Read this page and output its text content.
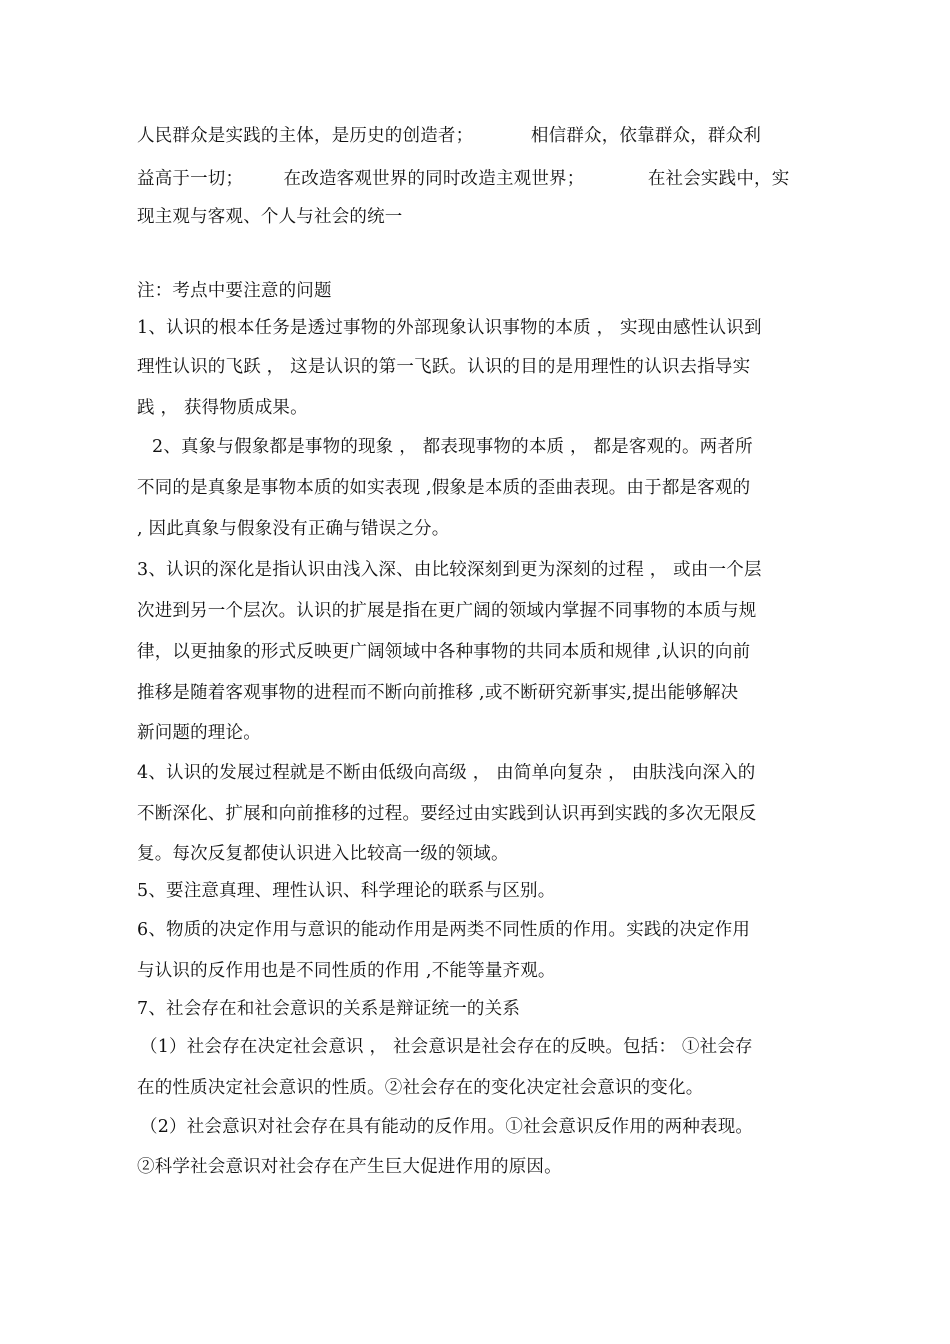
人民群众是实践的主体，是历史的创造者；          相信群众，依靠群众，群众利
益高于一切；       在改造客观世界的同时改造主观世界；           在社会实践中，实
现主观与客观、个人与社会的统一
注：考点中要注意的问题
1、认识的根本任务是透过事物的外部现象认识事物的本质 ， 实现由感性认识到
理性认识的飞跃 ， 这是认识的第一飞跃。认识的目的是用理性的认识去指导实
践 ， 获得物质成果。
2、真象与假象都是事物的现象 ， 都表现事物的本质 ， 都是客观的。两者所
不同的是真象是事物本质的如实表现 ,假象是本质的歪曲表现。由于都是客观的
, 因此真象与假象没有正确与错误之分。
3、认识的深化是指认识由浅入深、由比较深刻到更为深刻的过程 ， 或由一个层
次进到另一个层次。认识的扩展是指在更广阔的领域内掌握不同事物的本质与规
律，以更抽象的形式反映更广阔领域中各种事物的共同本质和规律 ,认识的向前
推移是随着客观事物的进程而不断向前推移 ,或不断研究新事实,提出能够解决
新问题的理论。
4、认识的发展过程就是不断由低级向高级 ， 由简单向复杂 ， 由肤浅向深入的
不断深化、扩展和向前推移的过程。要经过由实践到认识再到实践的多次无限反
复。每次反复都使认识进入比较高一级的领域。
5、要注意真理、理性认识、科学理论的联系与区别。
6、物质的决定作用与意识的能动作用是两类不同性质的作用。实践的决定作用
与认识的反作用也是不同性质的作用 ,不能等量齐观。
7、社会存在和社会意识的关系是辩证统一的关系
（1）社会存在决定社会意识 ， 社会意识是社会存在的反映。包括： ①社会存
在的性质决定社会意识的性质。②社会存在的变化决定社会意识的变化。
（2）社会意识对社会存在具有能动的反作用。①社会意识反作用的两种表现。
②科学社会意识对社会存在产生巨大促进作用的原因。
